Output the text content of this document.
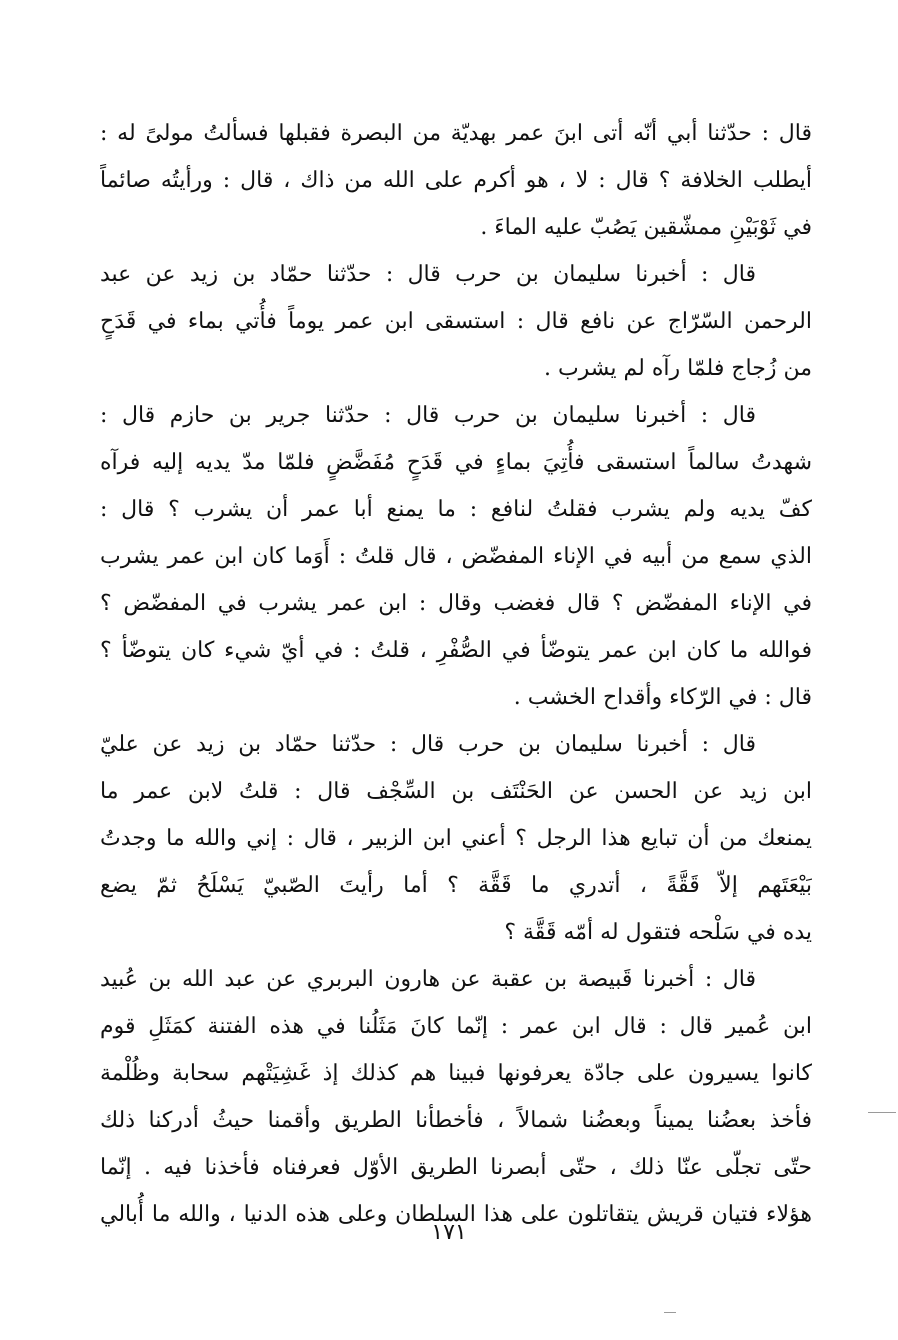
قال : حدّثنا أبي أنّه أتى ابنَ عمر بهديّة من البصرة فقبلها فسألتُ مولىً له :
أيطلب الخلافة ؟ قال : لا ، هو أكرم على الله من ذاك ، قال : ورأيتُه صائماً
في ثَوْبَيْنِ ممشّقين يَصُبّ عليه الماءَ .
قال : أخبرنا سليمان بن حرب قال : حدّثنا حمّاد بن زيد عن عبد
الرحمن السّرّاج عن نافع قال : استسقى ابن عمر يوماً فأُتي بماء في قَدَحٍ
من زُجاج فلمّا رآه لم يشرب .
قال : أخبرنا سليمان بن حرب قال : حدّثنا جرير بن حازم قال :
شهدتُ سالماً استسقى فأُتِيَ بماءٍ في قَدَحٍ مُفَضَّضٍ فلمّا مدّ يديه إليه فرآه
كفّ يديه ولم يشرب فقلتُ لنافع : ما يمنع أبا عمر أن يشرب ؟ قال :
الذي سمع من أبيه في الإناء المفضّض ، قال قلتُ : أَوَما كان ابن عمر يشرب
في الإناء المفضّض ؟ قال فغضب وقال : ابن عمر يشرب في المفضّض ؟
فوالله ما كان ابن عمر يتوضّأ في الصُّفْرِ ، قلتُ : في أيّ شيء كان يتوضّأ ؟
قال : في الرّكاء وأقداح الخشب .
قال : أخبرنا سليمان بن حرب قال : حدّثنا حمّاد بن زيد عن عليّ
ابن زيد عن الحسن عن الحَنْتَف بن السِّجْف قال : قلتُ لابن عمر ما
يمنعك من أن تبايع هذا الرجل ؟ أعني ابن الزبير ، قال : إني والله ما وجدتُ
بَيْعَتَهم إلاّ قَقَّةً ، أتدري ما قَقَّة ؟ أما رأيتَ الصّبيّ يَسْلَحُ ثمّ يضع
يده في سَلْحه فتقول له أمّه قَقَّة ؟
قال : أخبرنا قَبيصة بن عقبة عن هارون البربري عن عبد الله بن عُبيد
ابن عُمير قال : قال ابن عمر : إنّما كانَ مَثَلُنا في هذه الفتنة كمَثَلِ قوم
كانوا يسيرون على جادّة يعرفونها فبينا هم كذلك إذ غَشِيَتْهم سحابة وظُلْمة
فأخذ بعضُنا يميناً وبعضُنا شمالاً ، فأخطأنا الطريق وأقمنا حيثُ أدركنا ذلك
حتّى تجلّى عنّا ذلك ، حتّى أبصرنا الطريق الأوّل فعرفناه فأخذنا فيه . إنّما
هؤلاء فتيان قريش يتقاتلون على هذا السلطان وعلى هذه الدنيا ، والله ما أُبالي
١٧١
